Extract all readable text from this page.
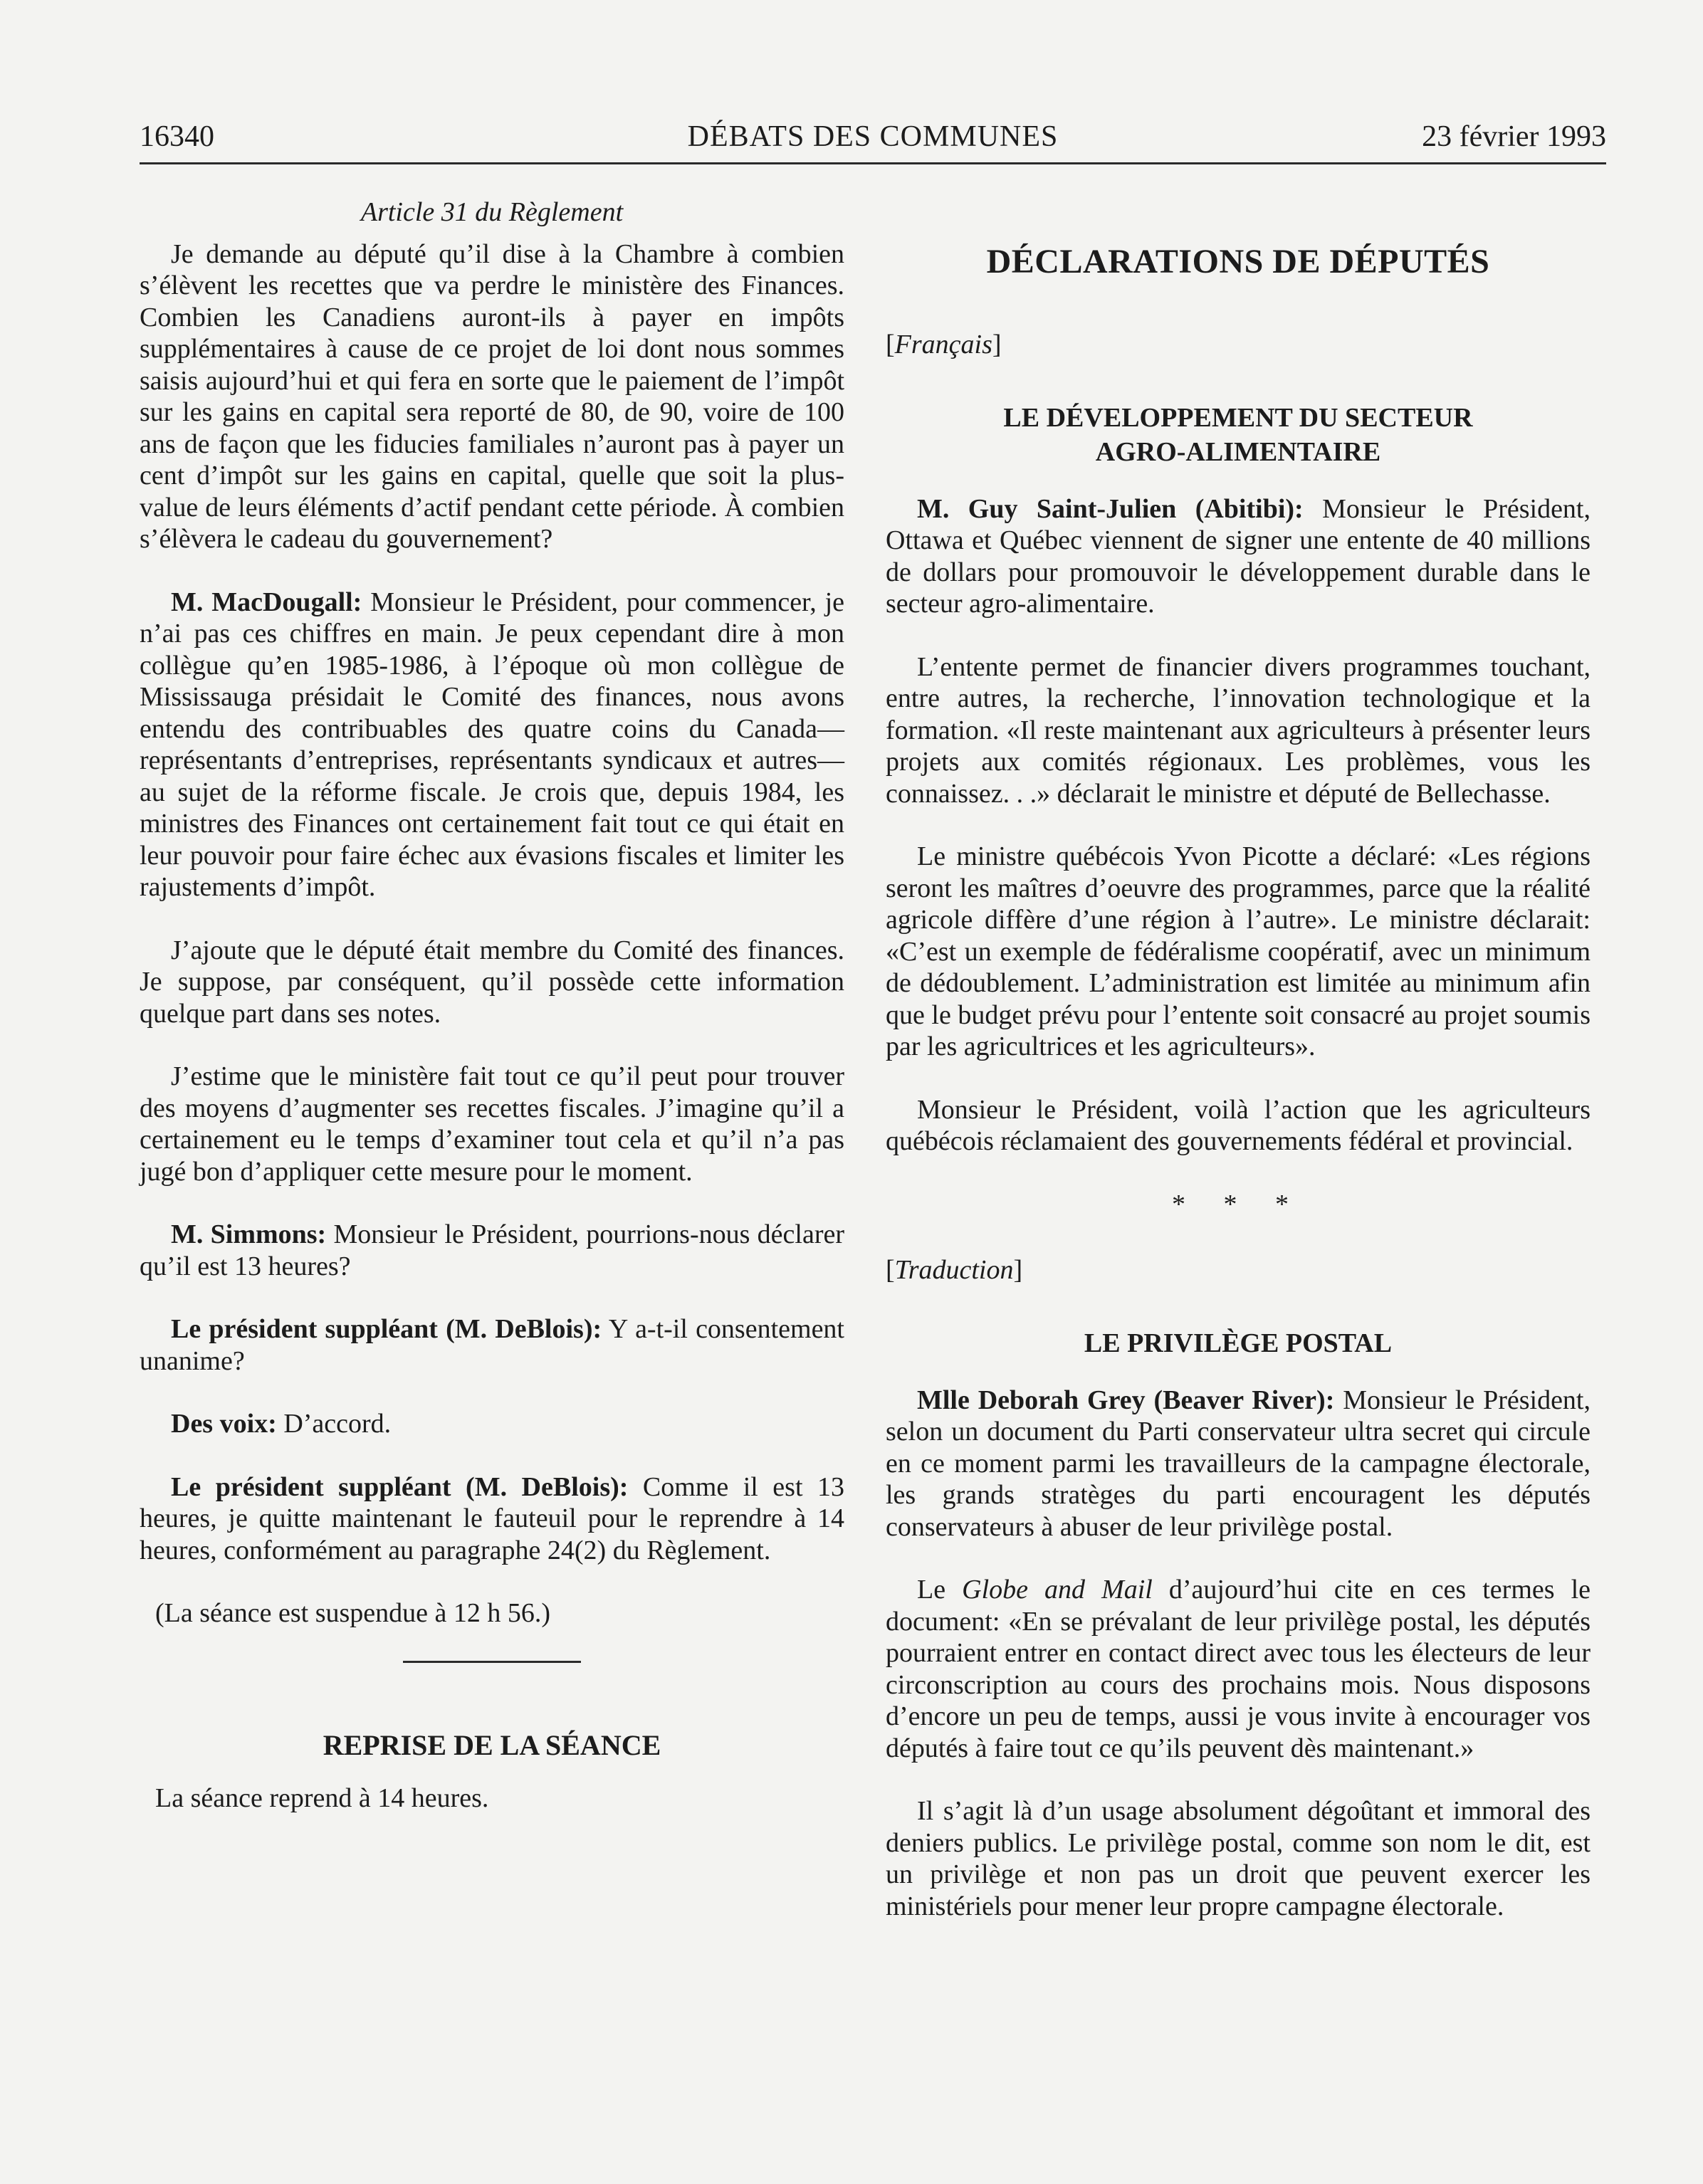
16340	DÉBATS DES COMMUNES	23 février 1993
Article 31 du Règlement

Je demande au député qu’il dise à la Chambre à combien s’élèvent les recettes que va perdre le ministère des Finances. Combien les Canadiens auront-ils à payer en impôts supplémentaires à cause de ce projet de loi dont nous sommes saisis aujourd’hui et qui fera en sorte que le paiement de l’impôt sur les gains en capital sera reporté de 80, de 90, voire de 100 ans de façon que les fiducies familiales n’auront pas à payer un cent d’impôt sur les gains en capital, quelle que soit la plus-value de leurs éléments d’actif pendant cette période. À combien s’élèvera le cadeau du gouvernement?

M. MacDougall: Monsieur le Président, pour commencer, je n’ai pas ces chiffres en main. Je peux cependant dire à mon collègue qu’en 1985-1986, à l’époque où mon collègue de Mississauga présidait le Comité des finances, nous avons entendu des contribuables des quatre coins du Canada—représentants d’entreprises, représentants syndicaux et autres—au sujet de la réforme fiscale. Je crois que, depuis 1984, les ministres des Finances ont certainement fait tout ce qui était en leur pouvoir pour faire échec aux évasions fiscales et limiter les rajustements d’impôt.

J’ajoute que le député était membre du Comité des finances. Je suppose, par conséquent, qu’il possède cette information quelque part dans ses notes.

J’estime que le ministère fait tout ce qu’il peut pour trouver des moyens d’augmenter ses recettes fiscales. J’imagine qu’il a certainement eu le temps d’examiner tout cela et qu’il n’a pas jugé bon d’appliquer cette mesure pour le moment.

M. Simmons: Monsieur le Président, pourrions-nous déclarer qu’il est 13 heures?

Le président suppléant (M. DeBlois): Y a-t-il consentement unanime?

Des voix: D’accord.

Le président suppléant (M. DeBlois): Comme il est 13 heures, je quitte maintenant le fauteuil pour le reprendre à 14 heures, conformément au paragraphe 24(2) du Règlement.

(La séance est suspendue à 12 h 56.)

REPRISE DE LA SÉANCE

La séance reprend à 14 heures.

DÉCLARATIONS DE DÉPUTÉS
[Français]
LE DÉVELOPPEMENT DU SECTEUR
AGRO-ALIMENTAIRE

M. Guy Saint-Julien (Abitibi): Monsieur le Président, Ottawa et Québec viennent de signer une entente de 40 millions de dollars pour promouvoir le développement durable dans le secteur agro-alimentaire.

L’entente permet de financier divers programmes touchant, entre autres, la recherche, l’innovation technologique et la formation. «Il reste maintenant aux agriculteurs à présenter leurs projets aux comités régionaux. Les problèmes, vous les connaissez. . .» déclarait le ministre et député de Bellechasse.

Le ministre québécois Yvon Picotte a déclaré: «Les régions seront les maîtres d’oeuvre des programmes, parce que la réalité agricole diffère d’une région à l’autre». Le ministre déclarait: «C’est un exemple de fédéralisme coopératif, avec un minimum de dédoublement. L’administration est limitée au minimum afin que le budget prévu pour l’entente soit consacré au projet soumis par les agricultrices et les agriculteurs».

Monsieur le Président, voilà l’action que les agriculteurs québécois réclamaient des gouvernements fédéral et provincial.

* * *
[Traduction]
LE PRIVILÈGE POSTAL

Mlle Deborah Grey (Beaver River): Monsieur le Président, selon un document du Parti conservateur ultra secret qui circule en ce moment parmi les travailleurs de la campagne électorale, les grands stratèges du parti encouragent les députés conservateurs à abuser de leur privilège postal.

Le Globe and Mail d’aujourd’hui cite en ces termes le document: «En se prévalant de leur privilège postal, les députés pourraient entrer en contact direct avec tous les électeurs de leur circonscription au cours des prochains mois. Nous disposons d’encore un peu de temps, aussi je vous invite à encourager vos députés à faire tout ce qu’ils peuvent dès maintenant.»

Il s’agit là d’un usage absolument dégoûtant et immoral des deniers publics. Le privilège postal, comme son nom le dit, est un privilège et non pas un droit que peuvent exercer les ministériels pour mener leur propre campagne électorale.
